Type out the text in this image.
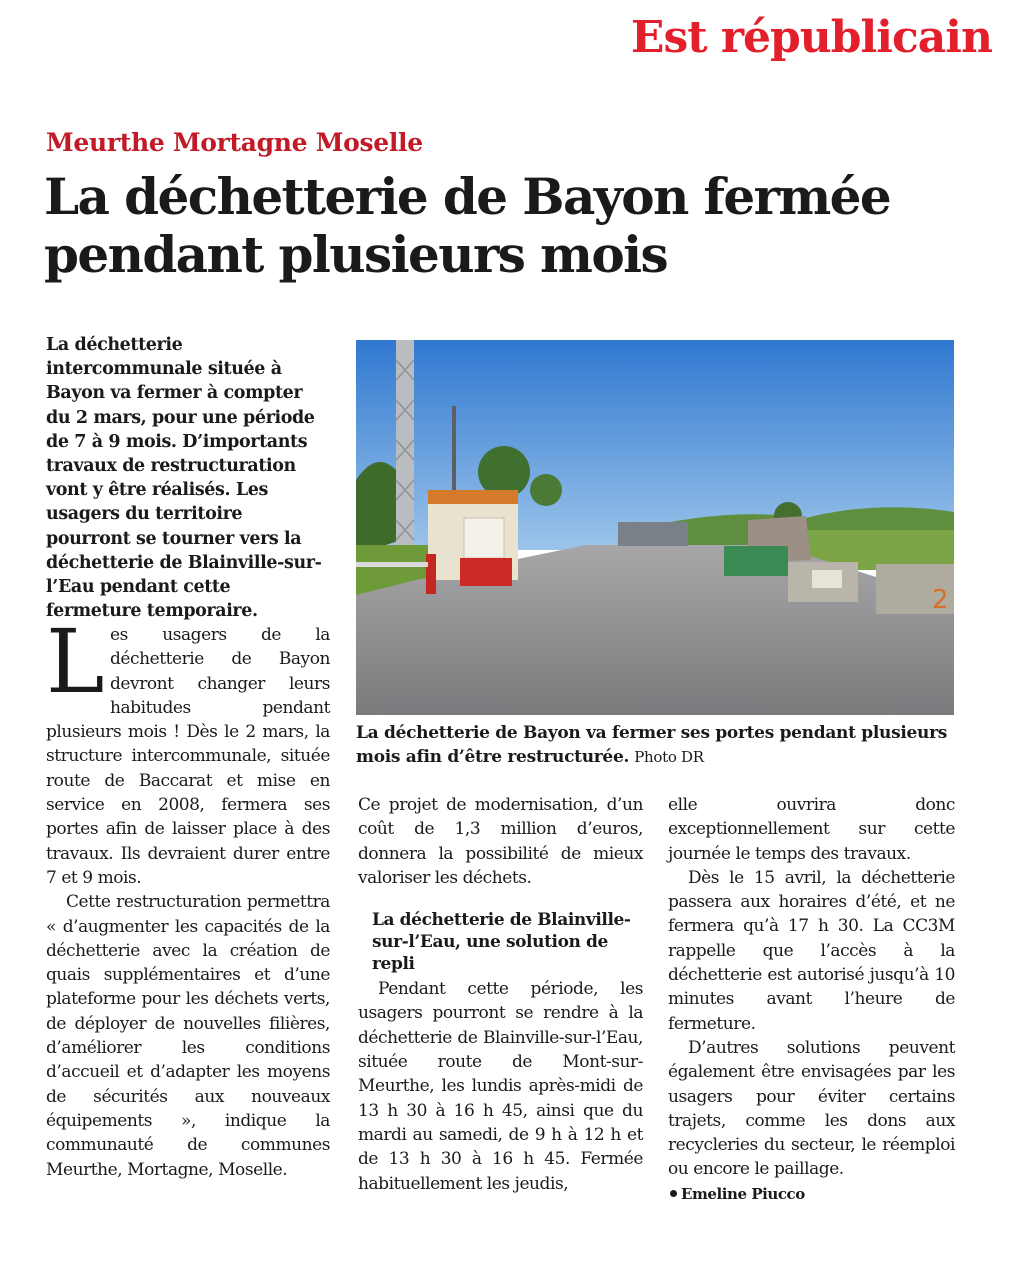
Est républicain
Meurthe Mortagne Moselle
La déchetterie de Bayon fermée pendant plusieurs mois
La déchetterie intercommunale située à Bayon va fermer à compter du 2 mars, pour une période de 7 à 9 mois. D’importants travaux de restructuration vont y être réalisés. Les usagers du territoire pourront se tourner vers la déchetterie de Blainville-sur-l’Eau pendant cette fermeture temporaire.	2
La déchetterie de Bayon va fermer ses portes pendant plusieurs mois afin d’être restructurée. Photo DR

Les usagers de la déchetterie de Bayon devront changer leurs habitudes pendant plusieurs mois ! Dès le 2 mars, la structure intercommunale, située route de Baccarat et mise en service en 2008, fermera ses portes afin de laisser place à des travaux. Ils devraient durer entre 7 et 9 mois.

Cette restructuration permettra « d’augmenter les capacités de la déchetterie avec la création de quais supplémentaires et d’une plateforme pour les déchets verts, de déployer de nouvelles filières, d’améliorer les conditions d’accueil et d’adapter les moyens de sécurités aux nouveaux équipements », indique la communauté de communes Meurthe, Mortagne, Moselle.

Ce projet de modernisation, d’un coût de 1,3 million d’euros, donnera la possibilité de mieux valoriser les déchets.

La déchetterie de Blainville-sur-l’Eau, une solution de repli

Pendant cette période, les usagers pourront se rendre à la déchetterie de Blainville-sur-l’Eau, située route de Mont-sur-Meurthe, les lundis après-midi de 13 h 30 à 16 h 45, ainsi que du mardi au samedi, de 9 h à 12 h et de 13 h 30 à 16 h 45. Fermée habituellement les jeudis,

elle ouvrira donc exceptionnellement sur cette journée le temps des travaux.

Dès le 15 avril, la déchetterie passera aux horaires d’été, et ne fermera qu’à 17 h 30. La CC3M rappelle que l’accès à la déchetterie est autorisé jusqu’à 10 minutes avant l’heure de fermeture.

D’autres solutions peuvent également être envisagées par les usagers pour éviter certains trajets, comme les dons aux recycleries du secteur, le réemploi ou encore le paillage.

Emeline Piucco
